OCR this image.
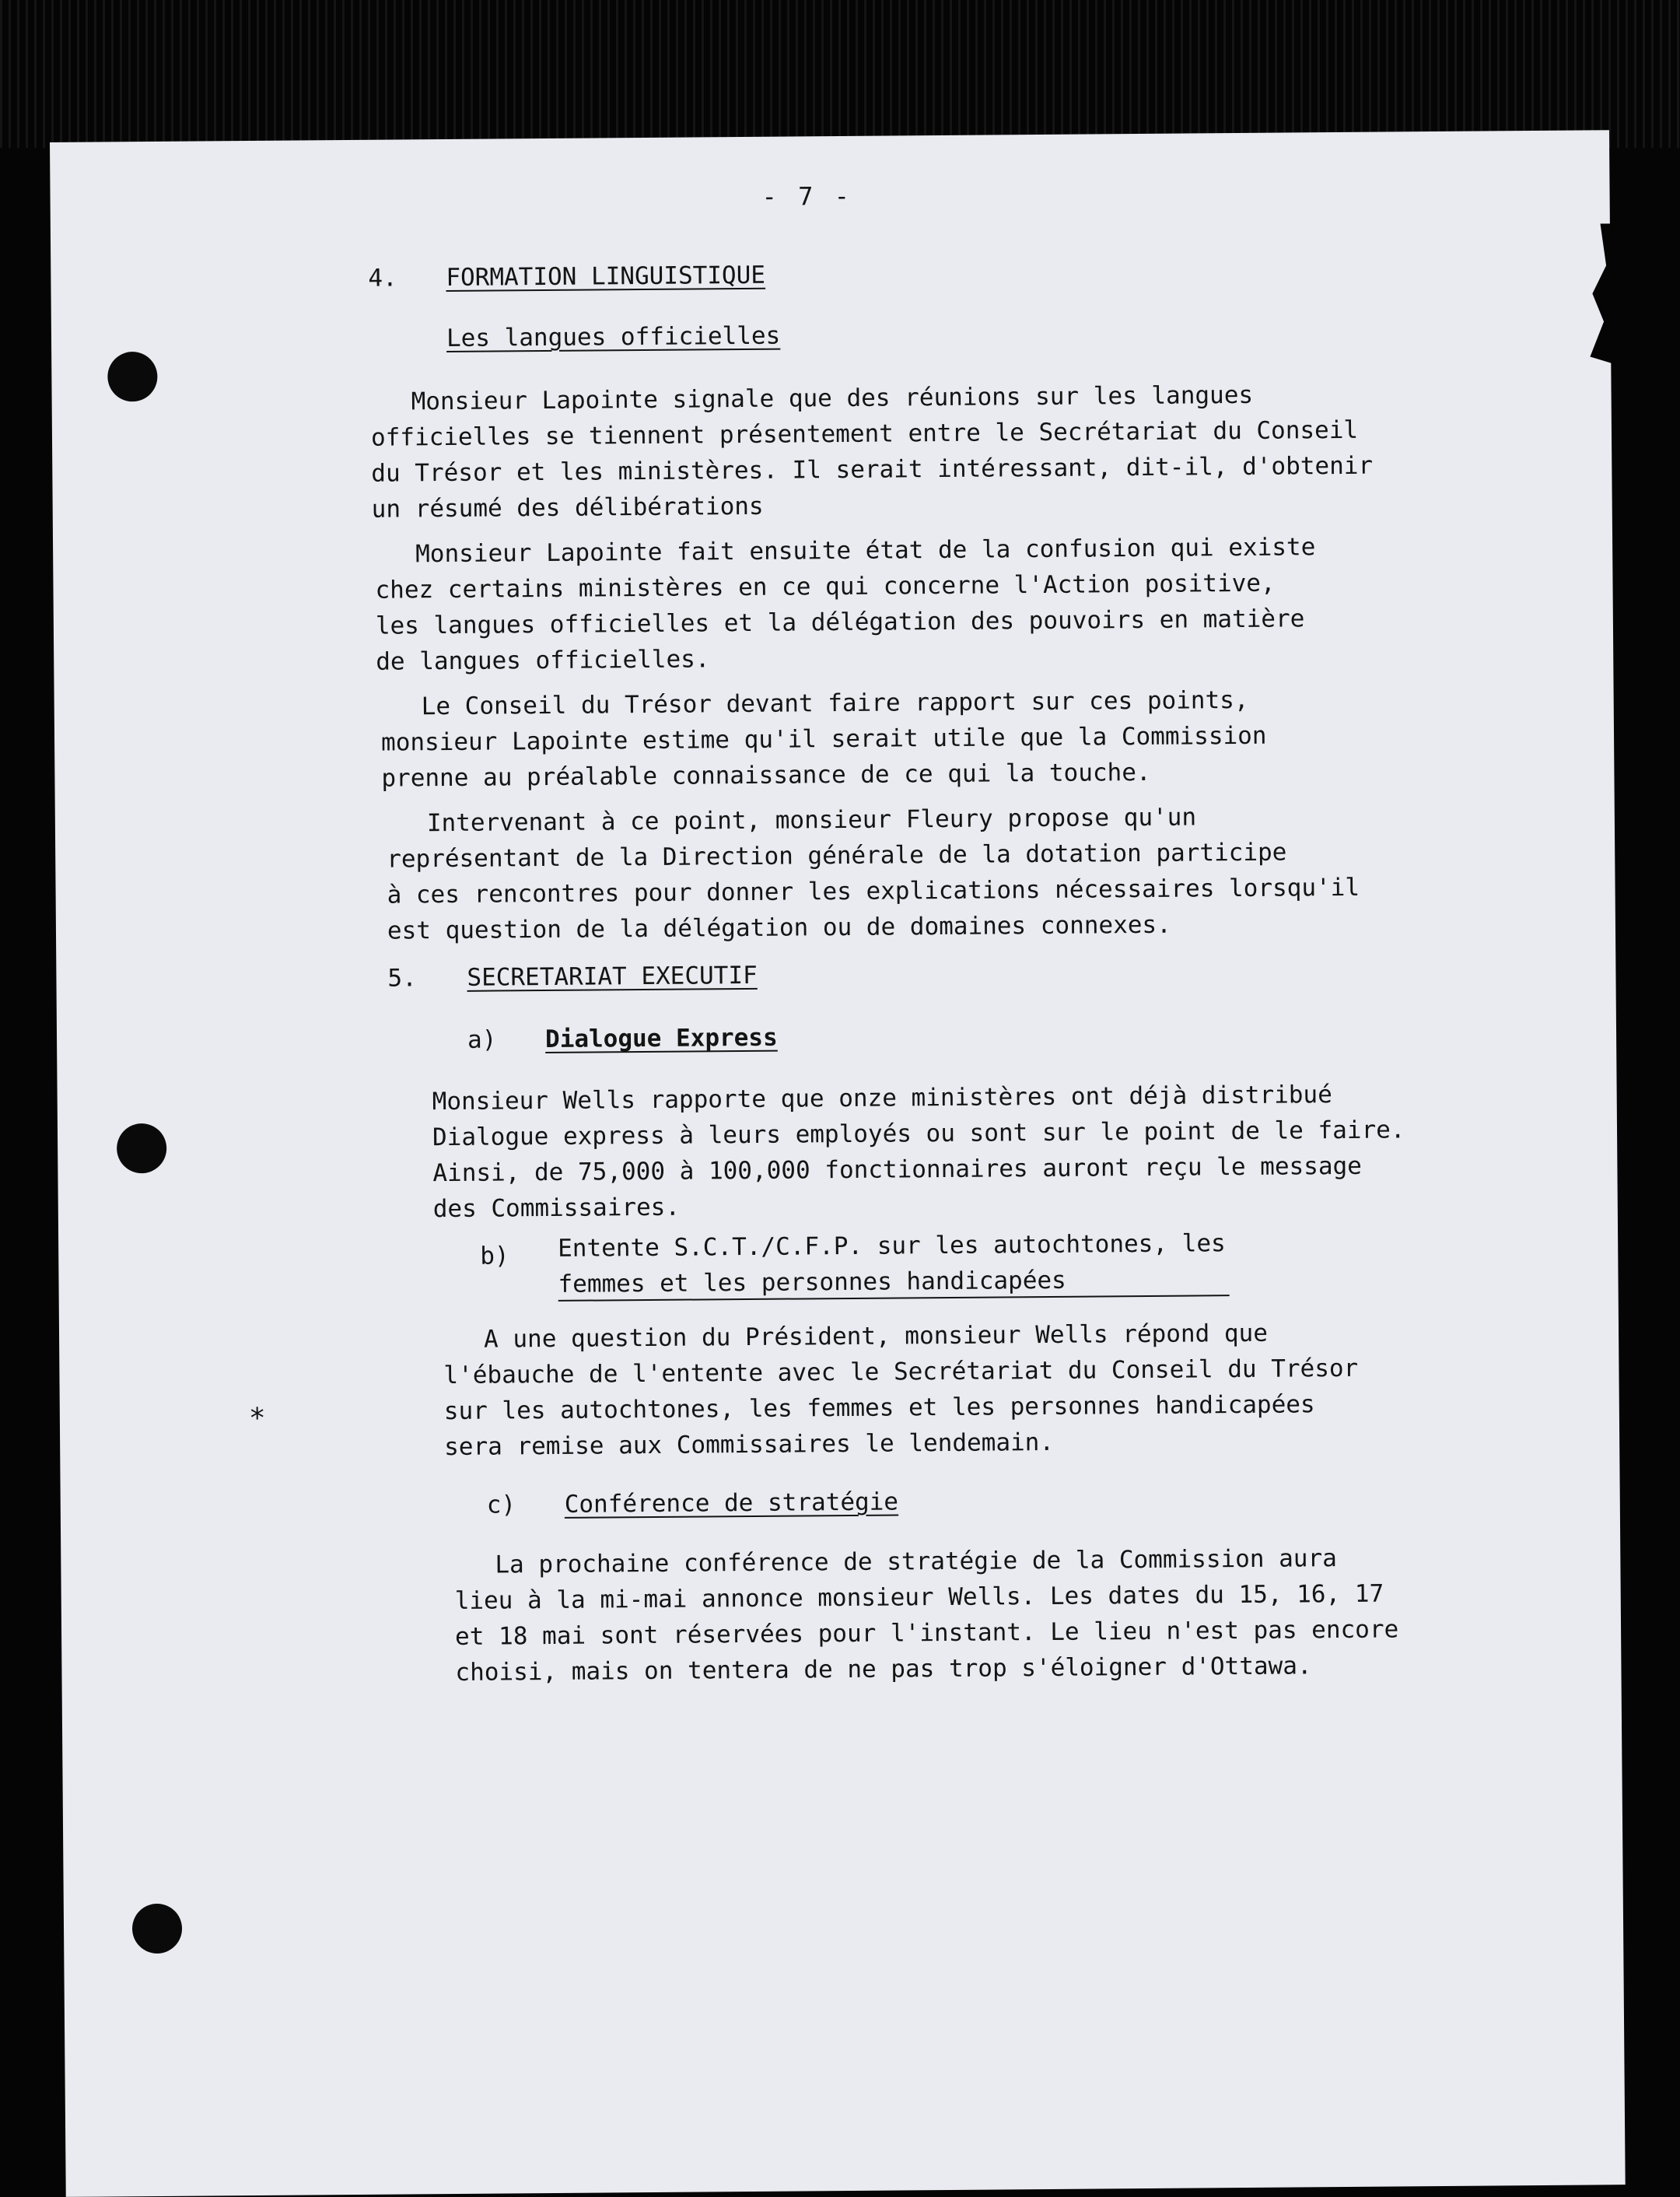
- 7 -
4. FORMATION LINGUISTIQUE
Les langues officielles
Monsieur Lapointe signale que des réunions sur les langues
officielles se tiennent présentement entre le Secrétariat du Conseil
du Trésor et les ministères. Il serait intéressant, dit-il, d'obtenir
un résumé des délibérations
Monsieur Lapointe fait ensuite état de la confusion qui existe
chez certains ministères en ce qui concerne l'Action positive,
les langues officielles et la délégation des pouvoirs en matière
de langues officielles.
Le Conseil du Trésor devant faire rapport sur ces points,
monsieur Lapointe estime qu'il serait utile que la Commission
prenne au préalable connaissance de ce qui la touche.
Intervenant à ce point, monsieur Fleury propose qu'un
représentant de la Direction générale de la dotation participe
à ces rencontres pour donner les explications nécessaires lorsqu'il
est question de la délégation ou de domaines connexes.
5. SECRETARIAT EXECUTIF
a) Dialogue Express
Monsieur Wells rapporte que onze ministères ont déjà distribué
Dialogue express à leurs employés ou sont sur le point de le faire.
Ainsi, de 75,000 à 100,000 fonctionnaires auront reçu le message
des Commissaires.
b) Entente S.C.T./C.F.P. sur les autochtones, les
femmes et les personnes handicapées
A une question du Président, monsieur Wells répond que
l'ébauche de l'entente avec le Secrétariat du Conseil du Trésor
sur les autochtones, les femmes et les personnes handicapées
sera remise aux Commissaires le lendemain.
*
c) Conférence de stratégie
La prochaine conférence de stratégie de la Commission aura
lieu à la mi-mai annonce monsieur Wells. Les dates du 15, 16, 17
et 18 mai sont réservées pour l'instant. Le lieu n'est pas encore
choisi, mais on tentera de ne pas trop s'éloigner d'Ottawa.
